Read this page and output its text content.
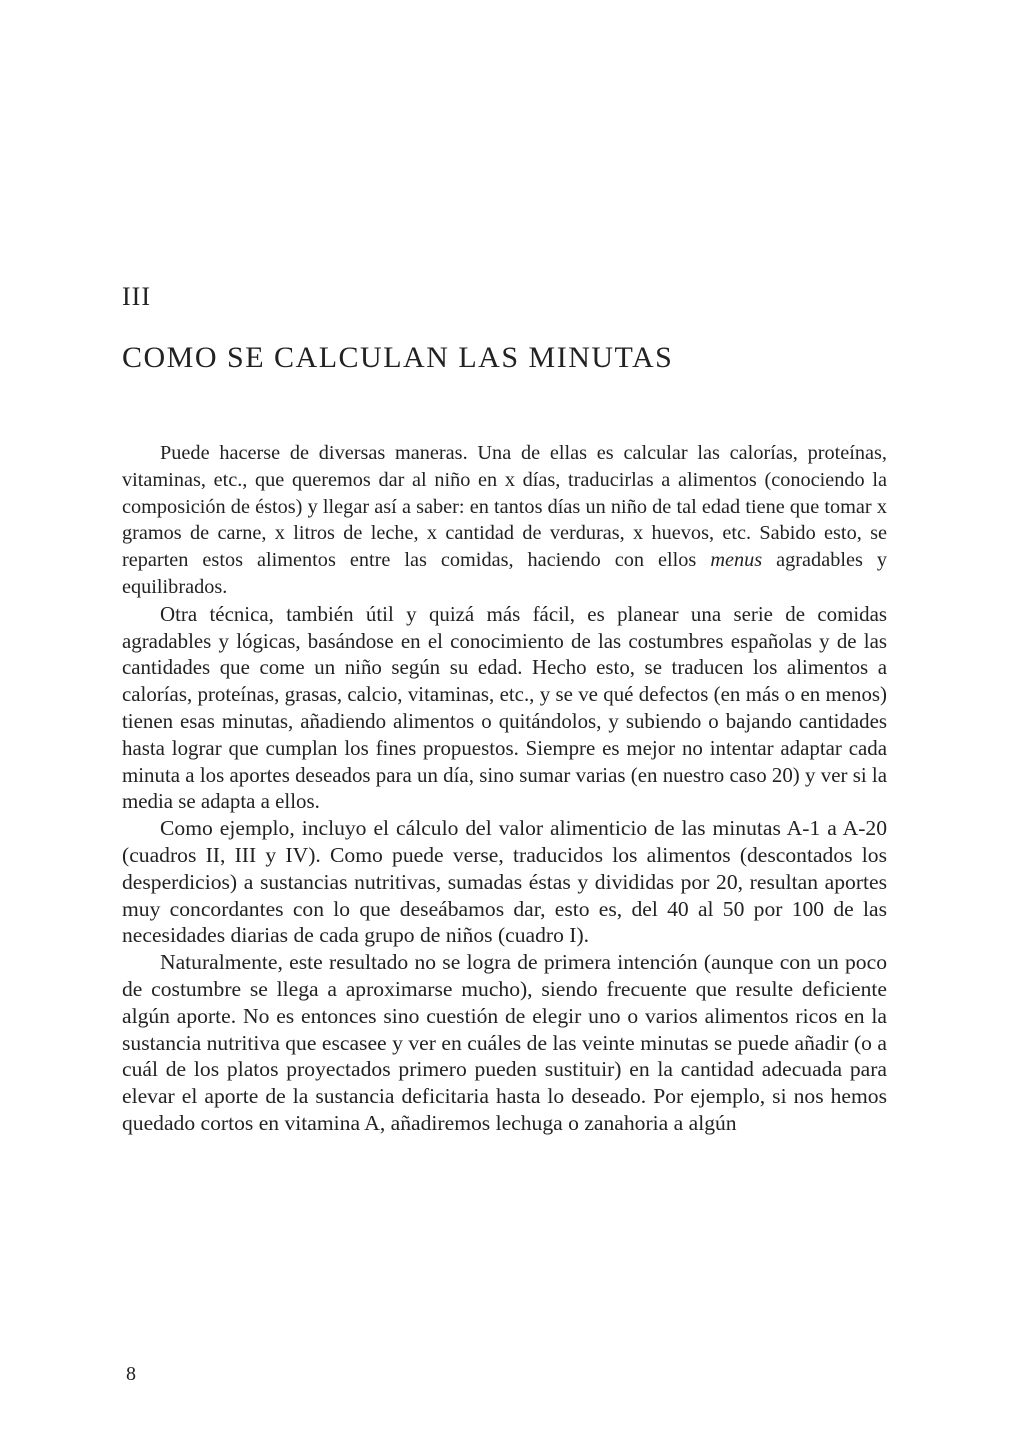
III
COMO SE CALCULAN LAS MINUTAS

Puede hacerse de diversas maneras. Una de ellas es calcular las calorías, proteínas, vitaminas, etc., que queremos dar al niño en x días, traducirlas a alimentos (conociendo la composición de éstos) y llegar así a saber: en tantos días un niño de tal edad tiene que tomar x gramos de carne, x litros de leche, x cantidad de verduras, x huevos, etc. Sabido esto, se reparten estos alimentos entre las comidas, haciendo con ellos menus agradables y equilibrados.

Otra técnica, también útil y quizá más fácil, es planear una serie de comidas agradables y lógicas, basándose en el conocimiento de las costumbres españolas y de las cantidades que come un niño según su edad. Hecho esto, se traducen los alimentos a calorías, proteínas, grasas, calcio, vitaminas, etc., y se ve qué defectos (en más o en menos) tienen esas minutas, añadiendo alimentos o quitándolos, y subiendo o bajando cantidades hasta lograr que cumplan los fines propuestos. Siempre es mejor no intentar adaptar cada minuta a los aportes deseados para un día, sino sumar varias (en nuestro caso 20) y ver si la media se adapta a ellos.

Como ejemplo, incluyo el cálculo del valor alimenticio de las minutas A-1 a A-20 (cuadros II, III y IV). Como puede verse, traducidos los alimentos (descontados los desperdicios) a sustancias nutritivas, sumadas éstas y divididas por 20, resultan aportes muy concordantes con lo que deseábamos dar, esto es, del 40 al 50 por 100 de las necesidades diarias de cada grupo de niños (cuadro I).

Naturalmente, este resultado no se logra de primera intención (aunque con un poco de costumbre se llega a aproximarse mucho), siendo frecuente que resulte deficiente algún aporte. No es entonces sino cuestión de elegir uno o varios alimentos ricos en la sustancia nutritiva que escasee y ver en cuáles de las veinte minutas se puede añadir (o a cuál de los platos proyectados primero pueden sustituir) en la cantidad adecuada para elevar el aporte de la sustancia deficitaria hasta lo deseado. Por ejemplo, si nos hemos quedado cortos en vitamina A, añadiremos lechuga o zanahoria a algún

8
